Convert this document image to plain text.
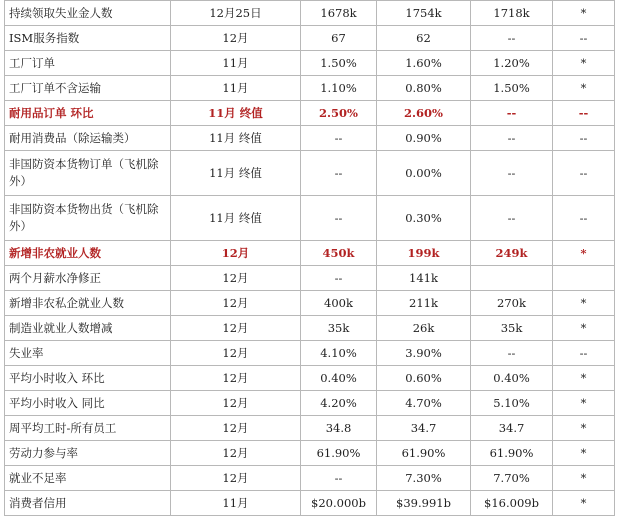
持续领取失业金人数	12月25日	1678k	1754k	1718k	*
ISM服务指数	12月	67	62	--	--
工厂订单	11月	1.50%	1.60%	1.20%	*
工厂订单不含运输	11月	1.10%	0.80%	1.50%	*
耐用品订单 环比	11月 终值	2.50%	2.60%	--	--
耐用消费品（除运输类）	11月 终值	--	0.90%	--	--
非国防资本货物订单（飞机除外）	11月 终值	--	0.00%	--	--
非国防资本货物出货（飞机除外）	11月 终值	--	0.30%	--	--
新增非农就业人数	12月	450k	199k	249k	*
两个月薪水净修正	12月	--	141k		
新增非农私企就业人数	12月	400k	211k	270k	*
制造业就业人数增减	12月	35k	26k	35k	*
失业率	12月	4.10%	3.90%	--	--
平均小时收入 环比	12月	0.40%	0.60%	0.40%	*
平均小时收入 同比	12月	4.20%	4.70%	5.10%	*
周平均工时-所有员工	12月	34.8	34.7	34.7	*
劳动力参与率	12月	61.90%	61.90%	61.90%	*
就业不足率	12月	--	7.30%	7.70%	*
消费者信用	11月	$20.000b	$39.991b	$16.009b	*
